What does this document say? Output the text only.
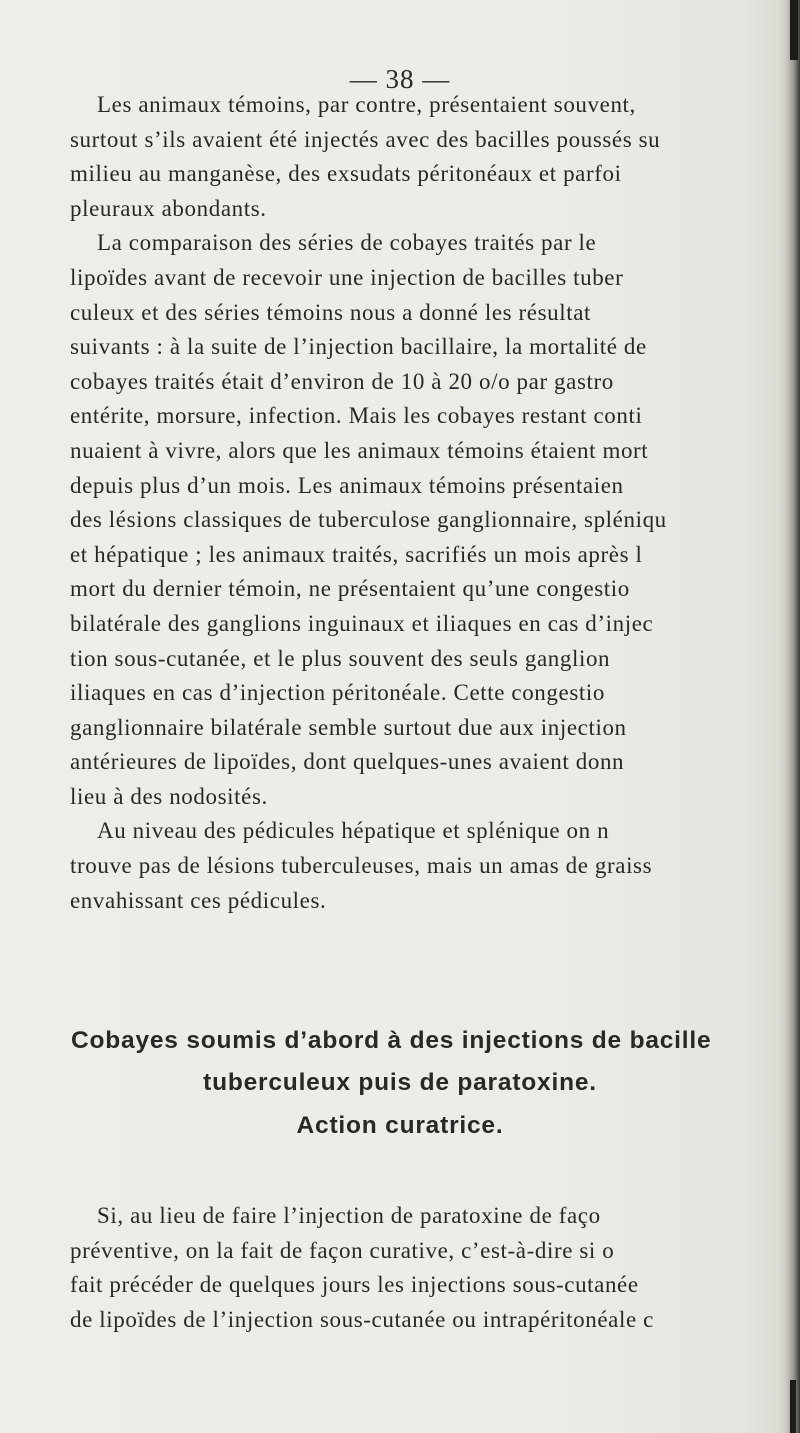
— 38 —

Les animaux témoins, par contre, présentaient souvent,

surtout s’ils avaient été injectés avec des bacilles poussés su

milieu au manganèse, des exsudats péritonéaux et parfoi

pleuraux abondants.

La comparaison des séries de cobayes traités par le

lipoïdes avant de recevoir une injection de bacilles tuber

culeux et des séries témoins nous a donné les résultat

suivants : à la suite de l’injection bacillaire, la mortalité de

cobayes traités était d’environ de 10 à 20 o/o par gastro

entérite, morsure, infection. Mais les cobayes restant conti

nuaient à vivre, alors que les animaux témoins étaient mort

depuis plus d’un mois. Les animaux témoins présentaien

des lésions classiques de tuberculose ganglionnaire, spléniqu

et hépatique ; les animaux traités, sacrifiés un mois après l

mort du dernier témoin, ne présentaient qu’une congestio

bilatérale des ganglions inguinaux et iliaques en cas d’injec

tion sous-cutanée, et le plus souvent des seuls ganglion

iliaques en cas d’injection péritonéale. Cette congestio

ganglionnaire bilatérale semble surtout due aux injection

antérieures de lipoïdes, dont quelques-unes avaient donn

lieu à des nodosités.

Au niveau des pédicules hépatique et splénique on n

trouve pas de lésions tuberculeuses, mais un amas de graiss

envahissant ces pédicules.

Cobayes soumis d’abord à des injections de bacille
tuberculeux puis de paratoxine.
Action curatrice.

Si, au lieu de faire l’injection de paratoxine de faço

préventive, on la fait de façon curative, c’est-à-dire si o

fait précéder de quelques jours les injections sous-cutanée

de lipoïdes de l’injection sous-cutanée ou intrapéritonéale c
